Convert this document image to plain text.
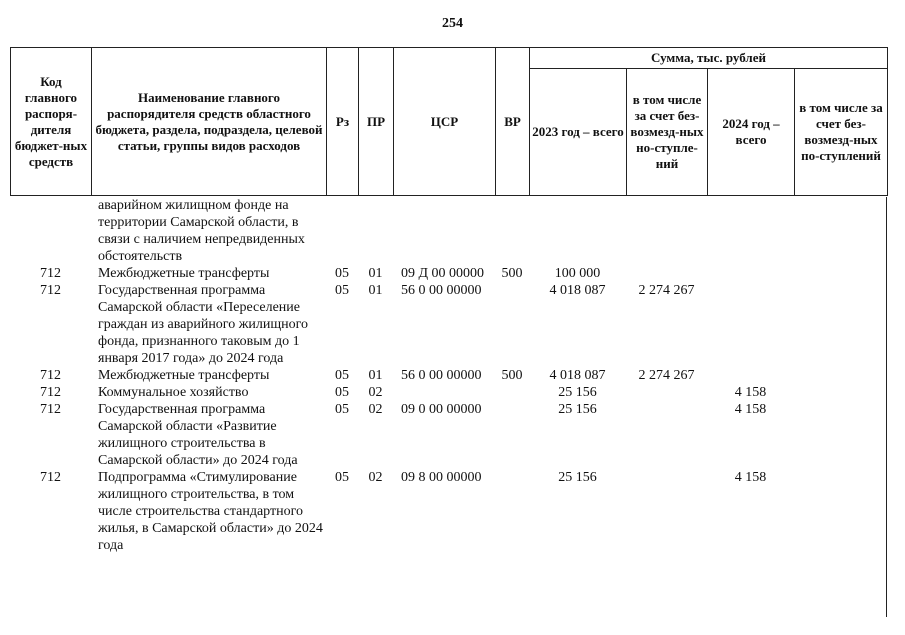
254
Код главного распоря-дителя бюджет-ных средств	Наименование главного распорядителя средств областного бюджета, раздела, подраздела, целевой статьи, группы видов расходов	Рз	ПР	ЦСР	ВР	Сумма, тыс. рублей			
						2023 год – всего	в том числе за счет без-возмезд-ных но-ступле-ний	2024 год – всего	в том числе за счет без-возмезд-ных по-ступлений
	аварийном жилищном фонде на территории Самарской области, в связи с наличием непредвиденных обстоятельств								
712	Межбюджетные трансферты	05	01	09 Д 00 00000	500	100 000			
712	Государственная программа Самарской области «Переселение граждан из аварийного жилищного фонда, признанного таковым до 1 января 2017 года» до 2024 года	05	01	56 0 00 00000		4 018 087	2 274 267		
712	Межбюджетные трансферты	05	01	56 0 00 00000	500	4 018 087	2 274 267		
712	Коммунальное хозяйство	05	02			25 156		4 158	
712	Государственная программа Самарской области «Развитие жилищного строительства в Самарской области» до 2024 года	05	02	09 0 00 00000		25 156		4 158	
712	Подпрограмма «Стимулирование жилищного строительства, в том числе строительства стандартного жилья, в Самарской области» до 2024 года	05	02	09 8 00 00000		25 156		4 158	
